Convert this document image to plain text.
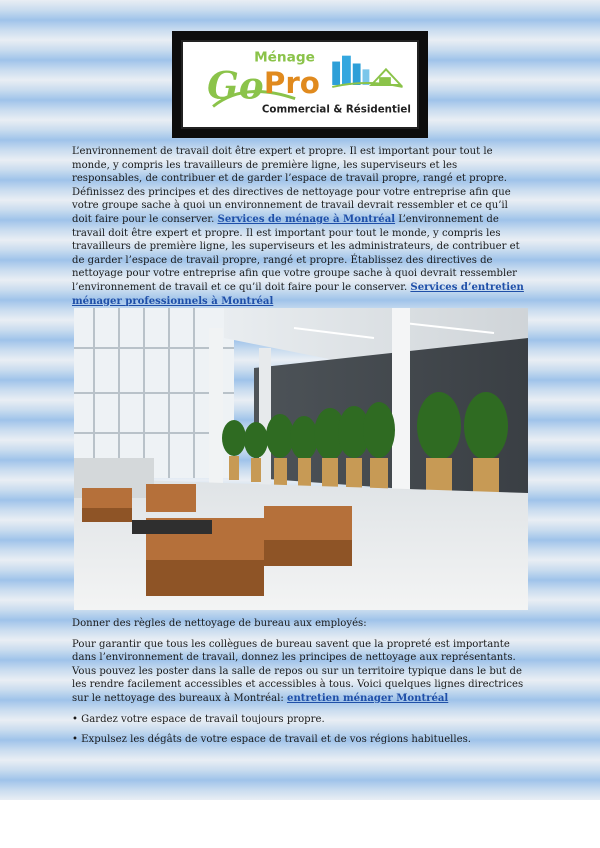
Ménage
Go Pro
Commercial & Résidentiel

L’environnement de travail doit être expert et propre. Il est important pour tout le monde, y compris les travailleurs de première ligne, les superviseurs et les responsables, de contribuer et de garder l’espace de travail propre, rangé et propre. Définissez des principes et des directives de nettoyage pour votre entreprise afin que votre groupe sache à quoi un environnement de travail devrait ressembler et ce qu’il doit faire pour le conserver. Services de ménage à Montréal L’environnement de travail doit être expert et propre. Il est important pour tout le monde, y compris les travailleurs de première ligne, les superviseurs et les administrateurs, de contribuer et de garder l’espace de travail propre, rangé et propre. Établissez des directives de nettoyage pour votre entreprise afin que votre groupe sache à quoi devrait ressembler l’environnement de travail et ce qu’il doit faire pour le conserver. Services d’entretien ménager professionnels à Montréal

Donner des règles de nettoyage de bureau aux employés:

Pour garantir que tous les collègues de bureau savent que la propreté est importante dans l’environnement de travail, donnez les principes de nettoyage aux représentants. Vous pouvez les poster dans la salle de repos ou sur un territoire typique dans le but de les rendre facilement accessibles et accessibles à tous. Voici quelques lignes directrices sur le nettoyage des bureaux à Montréal: entretien ménager Montréal

• Gardez votre espace de travail toujours propre.

• Expulsez les dégâts de votre espace de travail et de vos régions habituelles.
